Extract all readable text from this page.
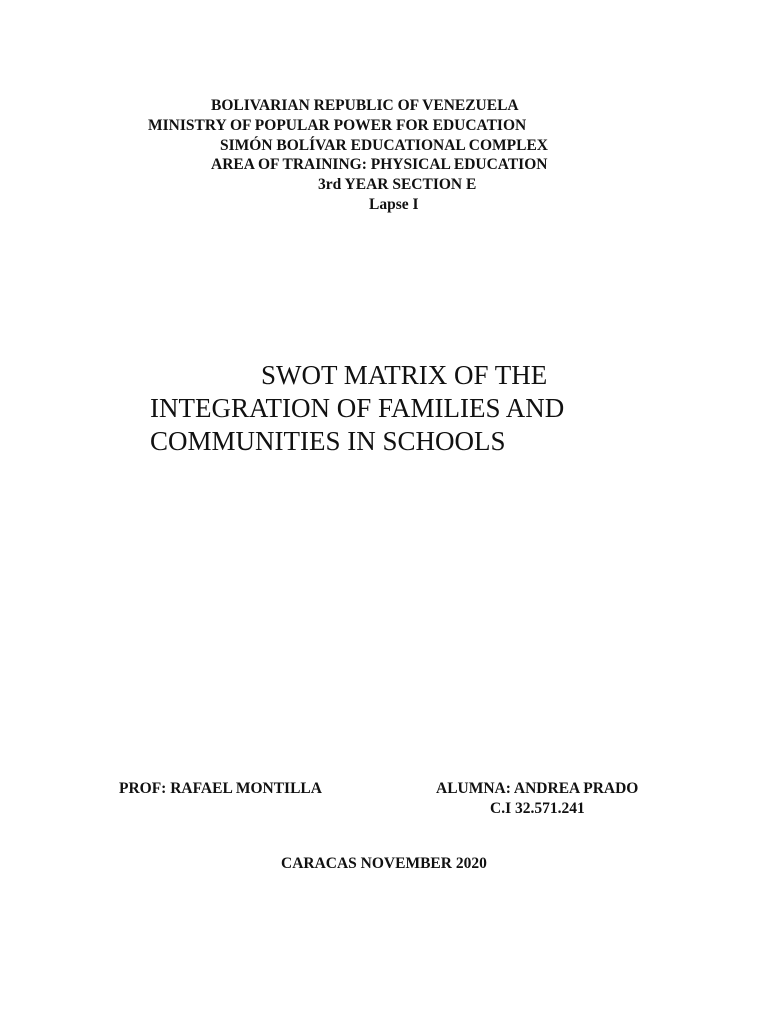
BOLIVARIAN REPUBLIC OF VENEZUELA
MINISTRY OF POPULAR POWER FOR EDUCATION
SIMÓN BOLÍVAR EDUCATIONAL COMPLEX
AREA OF TRAINING: PHYSICAL EDUCATION
3rd YEAR SECTION E
Lapse I
SWOT MATRIX OF THE
INTEGRATION OF FAMILIES AND
COMMUNITIES IN SCHOOLS
PROF: RAFAEL MONTILLA	ALUMNA: ANDREA PRADO
C.I 32.571.241
CARACAS NOVEMBER 2020
